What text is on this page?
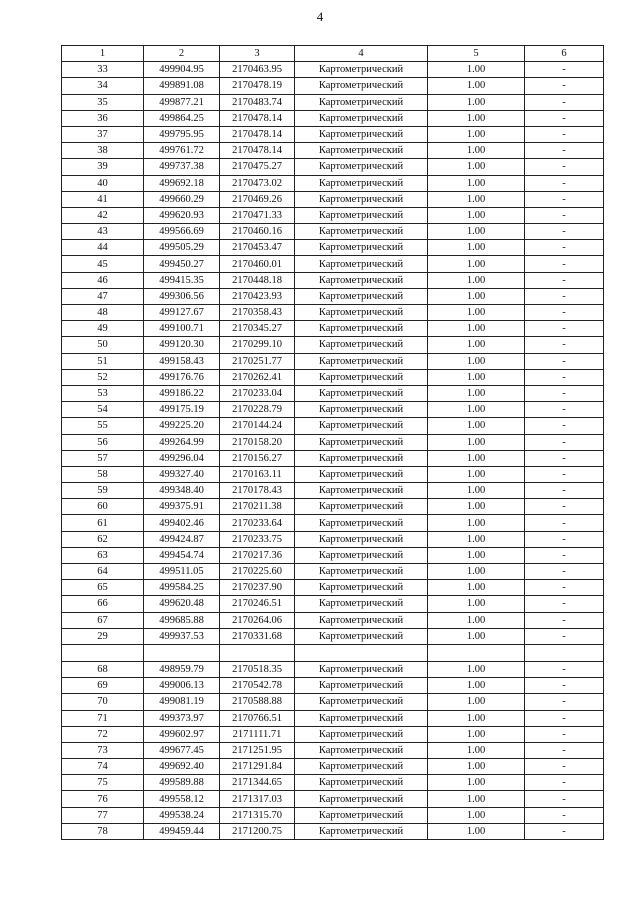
4
1	2	3	4	5	6
33	499904.95	2170463.95	Картометрический	1.00	-
34	499891.08	2170478.19	Картометрический	1.00	-
35	499877.21	2170483.74	Картометрический	1.00	-
36	499864.25	2170478.14	Картометрический	1.00	-
37	499795.95	2170478.14	Картометрический	1.00	-
38	499761.72	2170478.14	Картометрический	1.00	-
39	499737.38	2170475.27	Картометрический	1.00	-
40	499692.18	2170473.02	Картометрический	1.00	-
41	499660.29	2170469.26	Картометрический	1.00	-
42	499620.93	2170471.33	Картометрический	1.00	-
43	499566.69	2170460.16	Картометрический	1.00	-
44	499505.29	2170453.47	Картометрический	1.00	-
45	499450.27	2170460.01	Картометрический	1.00	-
46	499415.35	2170448.18	Картометрический	1.00	-
47	499306.56	2170423.93	Картометрический	1.00	-
48	499127.67	2170358.43	Картометрический	1.00	-
49	499100.71	2170345.27	Картометрический	1.00	-
50	499120.30	2170299.10	Картометрический	1.00	-
51	499158.43	2170251.77	Картометрический	1.00	-
52	499176.76	2170262.41	Картометрический	1.00	-
53	499186.22	2170233.04	Картометрический	1.00	-
54	499175.19	2170228.79	Картометрический	1.00	-
55	499225.20	2170144.24	Картометрический	1.00	-
56	499264.99	2170158.20	Картометрический	1.00	-
57	499296.04	2170156.27	Картометрический	1.00	-
58	499327.40	2170163.11	Картометрический	1.00	-
59	499348.40	2170178.43	Картометрический	1.00	-
60	499375.91	2170211.38	Картометрический	1.00	-
61	499402.46	2170233.64	Картометрический	1.00	-
62	499424.87	2170233.75	Картометрический	1.00	-
63	499454.74	2170217.36	Картометрический	1.00	-
64	499511.05	2170225.60	Картометрический	1.00	-
65	499584.25	2170237.90	Картометрический	1.00	-
66	499620.48	2170246.51	Картометрический	1.00	-
67	499685.88	2170264.06	Картометрический	1.00	-
29	499937.53	2170331.68	Картометрический	1.00	-

68	498959.79	2170518.35	Картометрический	1.00	-
69	499006.13	2170542.78	Картометрический	1.00	-
70	499081.19	2170588.88	Картометрический	1.00	-
71	499373.97	2170766.51	Картометрический	1.00	-
72	499602.97	2171111.71	Картометрический	1.00	-
73	499677.45	2171251.95	Картометрический	1.00	-
74	499692.40	2171291.84	Картометрический	1.00	-
75	499589.88	2171344.65	Картометрический	1.00	-
76	499558.12	2171317.03	Картометрический	1.00	-
77	499538.24	2171315.70	Картометрический	1.00	-
78	499459.44	2171200.75	Картометрический	1.00	-
